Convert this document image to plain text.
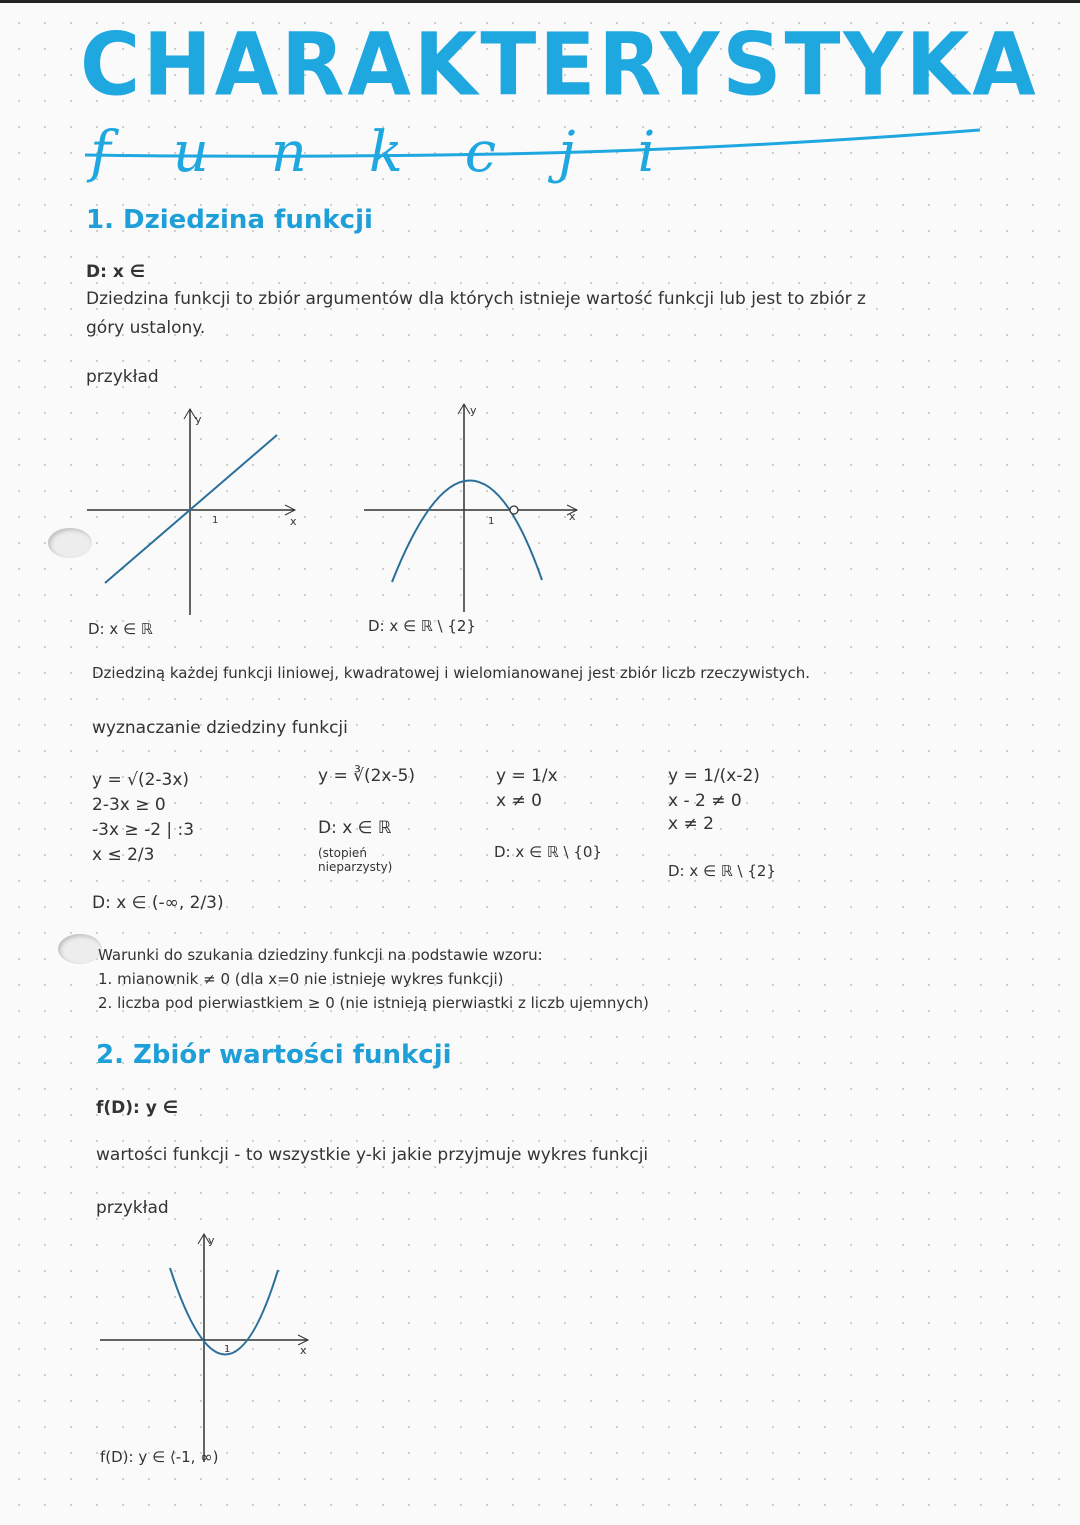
CHARAKTERYSTYKA
funkcji
1. Dziedzina funkcji
D: x ∈
Dziedzina funkcji to zbiór argumentów dla których istnieje wartość funkcji lub jest to zbiór z
góry ustalony.
przykład
y
x
1
D: x ∈ ℝ
y
x
1
D: x ∈ ℝ \ {2}
Dziedziną każdej funkcji liniowej, kwadratowej i wielomianowanej jest zbiór liczb rzeczywistych.
wyznaczanie dziedziny funkcji
y = √(2-3x)
2-3x ≥ 0
-3x ≥ -2 | :3
x ≤ 2/3
D: x ∈ (-∞, 2/3)
y = ∛(2x-5)
D: x ∈ ℝ
(stopień
nieparzysty)
y = 1/x
x ≠ 0
D: x ∈ ℝ \ {0}
y = 1/(x-2)
x - 2 ≠ 0
x ≠ 2
D: x ∈ ℝ \ {2}
Warunki do szukania dziedziny funkcji na podstawie wzoru:
1. mianownik ≠ 0 (dla x=0 nie istnieje wykres funkcji)
2. liczba pod pierwiastkiem ≥ 0 (nie istnieją pierwiastki z liczb ujemnych)
2. Zbiór wartości funkcji
f(D): y ∈
wartości funkcji - to wszystkie y-ki jakie przyjmuje wykres funkcji
przykład
y
x
1
f(D): y ∈ ⟨-1, ∞)
